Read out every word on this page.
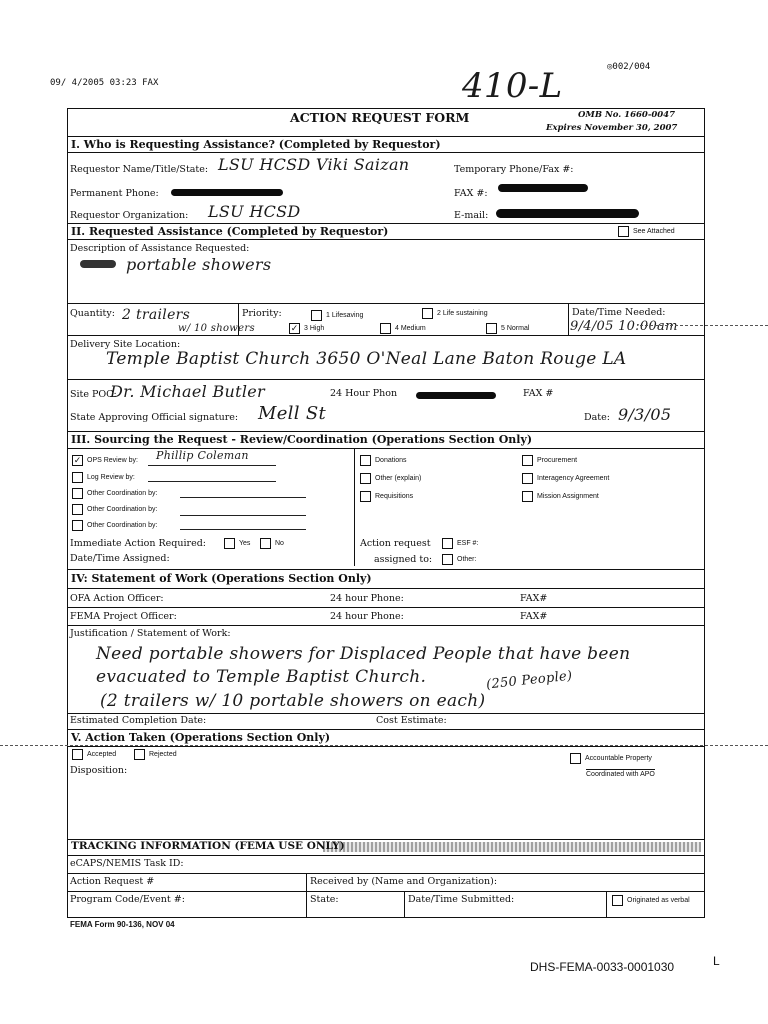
09/ 4/2005 03:23 FAX
◎002/004
410-L
ACTION REQUEST FORM	OMB No. 1660-0047
Expires November 30, 2007
I. Who is Requesting Assistance? (Completed by Requestor)
Requestor Name/Title/State: LSU HCSD Viki Saizan	Temporary Phone/Fax #:
Permanent Phone:	FAX #:
Requestor Organization: LSU HCSD	E-mail:
II. Requested Assistance (Completed by Requestor)	See Attached
Description of Assistance Requested:
portable showers
Quantity: 2 trailers
w/ 10 showers
Priority:	1 Lifesaving	2 Life sustaining
✓ 3 High	4 Medium	5 Normal
Date/Time Needed:
9/4/05 10:00am
Delivery Site Location:
Temple Baptist Church 3650 O'Neal Lane Baton Rouge LA
Site POC:
Dr. Michael Butler	24 Hour Phon	FAX #
State Approving Official signature: Mell St	Date: 9/3/05
III. Sourcing the Request - Review/Coordination (Operations Section Only)
✓ OPS Review by: Phillip Coleman
Log Review by:
Other Coordination by:
Other Coordination by:
Other Coordination by:
Donations
Other (explain)
Requisitions
Procurement
Interagency Agreement
Mission Assignment
Immediate Action Required:	Yes	No
Date/Time Assigned:
Action request	ESF #:
assigned to:	Other:
IV: Statement of Work (Operations Section Only)
OFA Action Officer:	24 hour Phone:	FAX#
FEMA Project Officer:	24 hour Phone:	FAX#
Justification / Statement of Work:
Need portable showers for Displaced People that have been
evacuated to Temple Baptist Church.
(2 trailers w/ 10 portable showers on each)
(250 People)
Estimated Completion Date:	Cost Estimate:
V. Action Taken (Operations Section Only)
Accepted	Rejected
Accountable Property
Coordinated with APO
Disposition:
TRACKING INFORMATION (FEMA USE ONLY)
eCAPS/NEMIS Task ID:
Action Request #	Received by (Name and Organization):
Program Code/Event #:	State:	Date/Time Submitted:	Originated as verbal
FEMA Form 90-136, NOV 04
DHS-FEMA-0033-0001030	L
